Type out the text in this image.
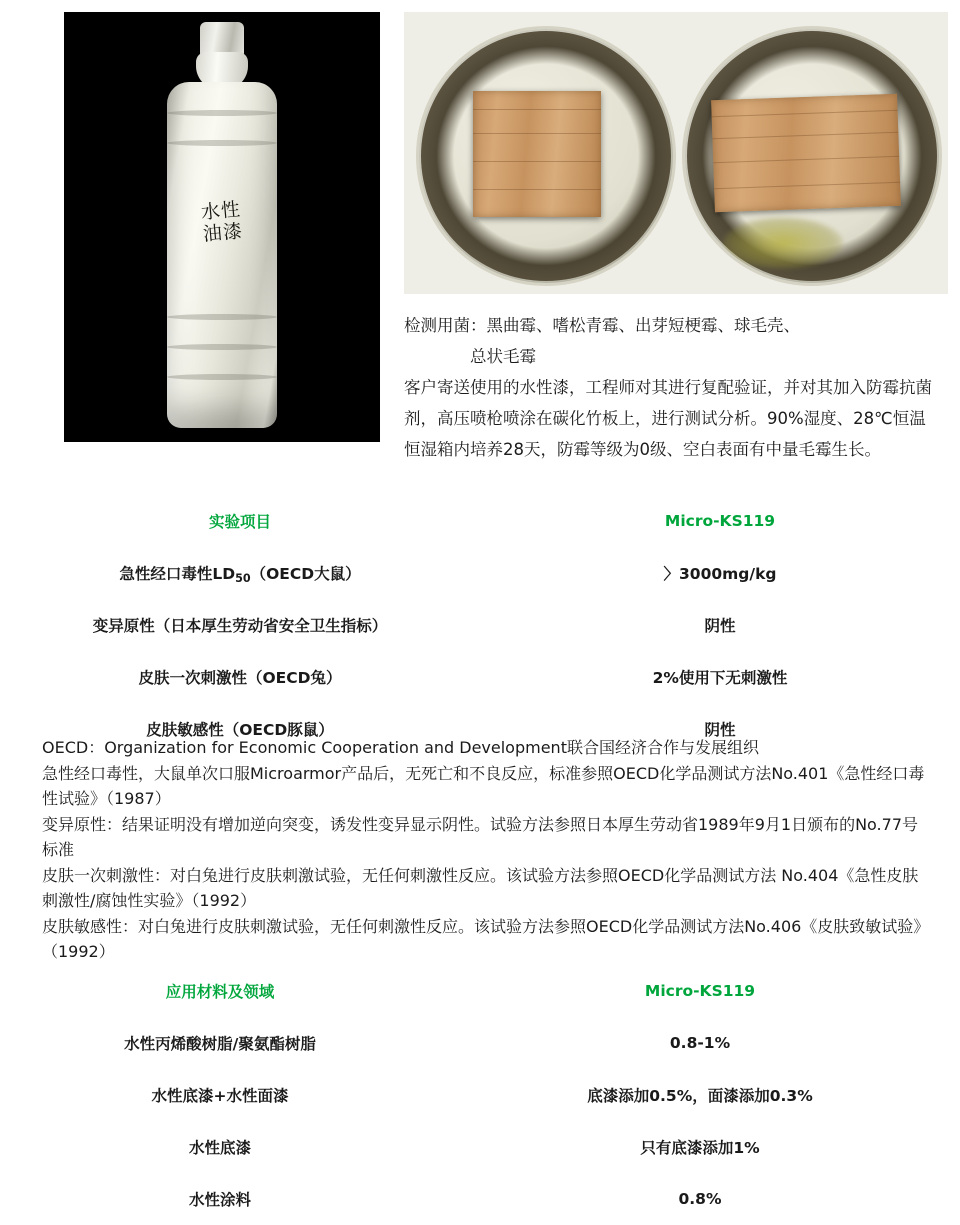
水性
油漆
检测用菌：黑曲霉、嗜松青霉、出芽短梗霉、球毛壳、
总状毛霉
客户寄送使用的水性漆，工程师对其进行复配验证，并对其加入防霉抗菌剂，高压喷枪喷涂在碳化竹板上，进行测试分析。90%湿度、28℃恒温恒湿箱内培养28天，防霉等级为0级、空白表面有中量毛霉生长。
实验项目	Micro-KS119
急性经口毒性$LD_{50}(OECD$大鼠）	〉3000mg/kg
变异原性（日本厚生劳动省安全卫生指标）	阴性
皮肤一次刺激性（OECD兔）	2%使用下无刺激性
皮肤敏感性（OECD豚鼠）	阴性

OECD：Organization for Economic Cooperation and Development联合国经济合作与发展组织

急性经口毒性，大鼠单次口服Microarmor产品后，无死亡和不良反应，标准参照OECD化学品测试方法No.401《急性经口毒性试验》（1987）

变异原性：结果证明没有增加逆向突变，诱发性变异显示阴性。试验方法参照日本厚生劳动省1989年9月1日颁布的No.77号标准

皮肤一次刺激性：对白兔进行皮肤刺激试验，无任何刺激性反应。该试验方法参照OECD化学品测试方法 No.404《急性皮肤刺激性/腐蚀性实验》（1992）

皮肤敏感性：对白兔进行皮肤刺激试验，无任何刺激性反应。该试验方法参照OECD化学品测试方法No.406《皮肤致敏试验》（1992）

应用材料及领域	Micro-KS119
水性丙烯酸树脂/聚氨酯树脂	0.8-1%
水性底漆+水性面漆	底漆添加0.5%，面漆添加0.3%
水性底漆	只有底漆添加1%
水性涂料	0.8%
